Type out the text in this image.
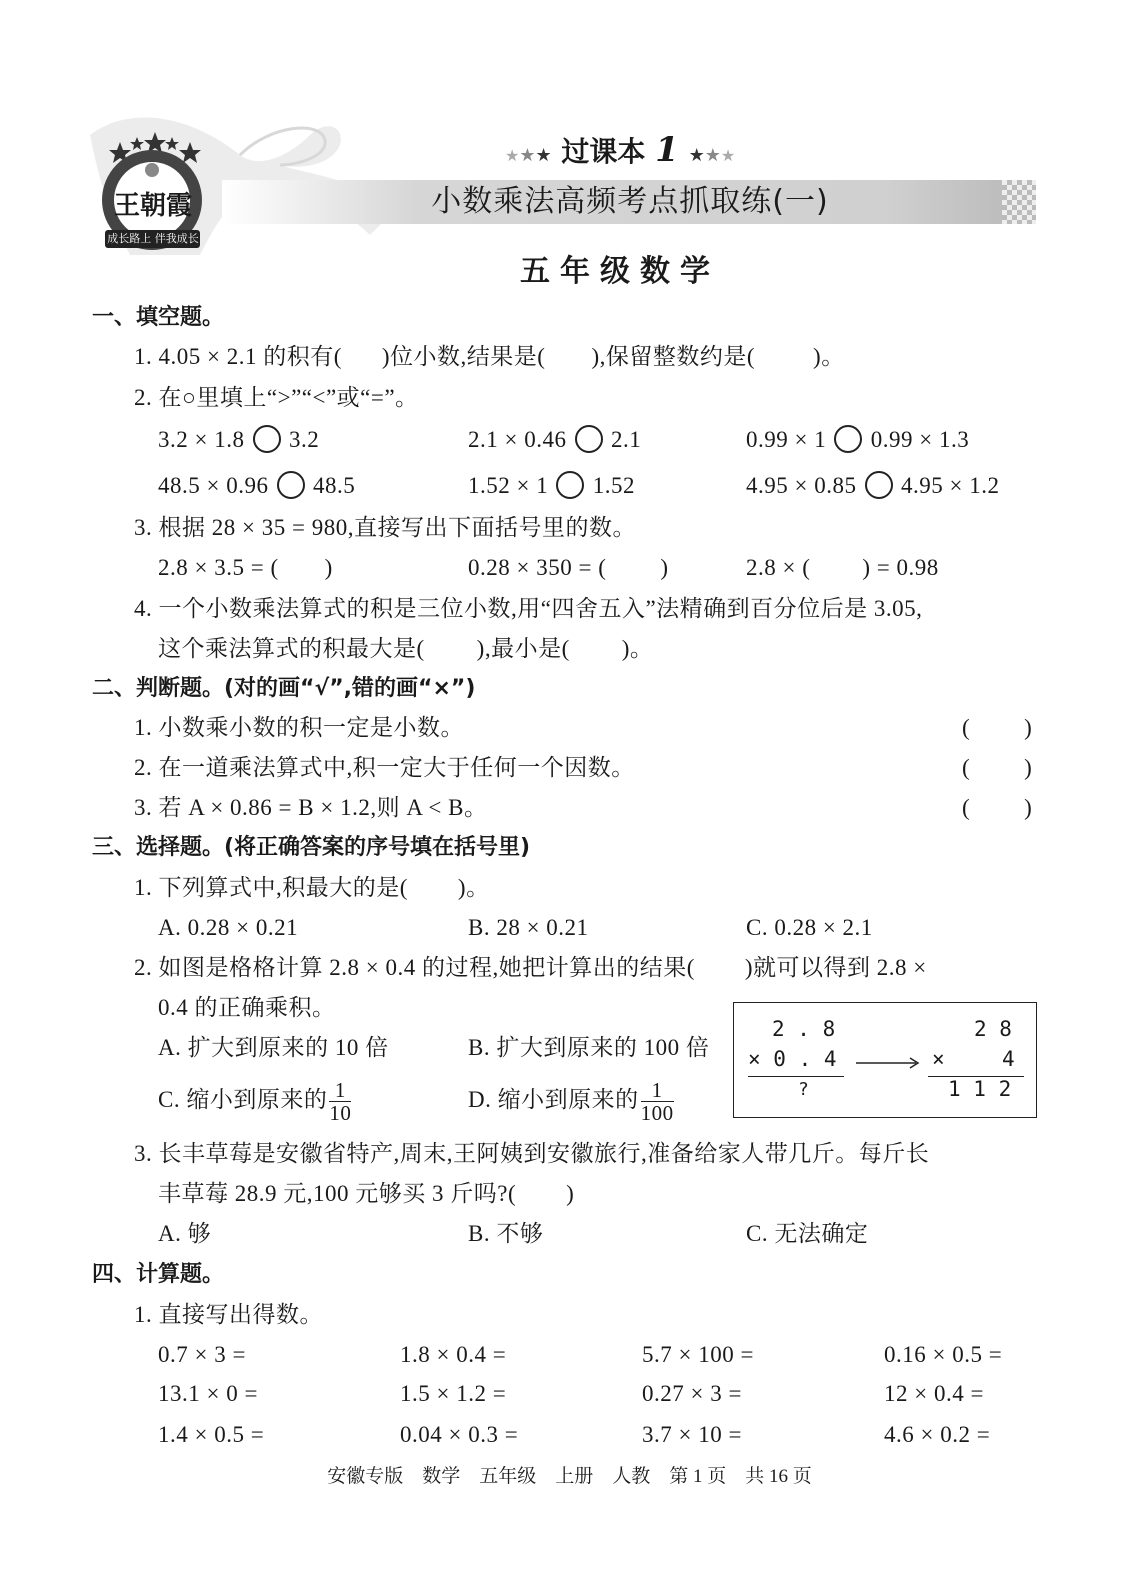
王朝霞
成长路上 伴我成长
★★★ 过课本 1 ★★★
小数乘法高频考点抓取练(一)
五年级数学
一、填空题。
1. 4.05 × 2.1 的积有( )位小数,结果是( ),保留整数约是(	)。
2. 在○里填上“>”“<”或“=”。
3.2 × 1.8 3.2	2.1 × 0.46 2.1	0.99 × 1 0.99 × 1.3
48.5 × 0.96 48.5	1.52 × 1 1.52	4.95 × 0.85 4.95 × 1.2
3. 根据 28 × 35 = 980,直接写出下面括号里的数。
2.8 × 3.5 = ( )	0.28 × 350 = ( )	2.8 × ( ) = 0.98
4. 一个小数乘法算式的积是三位小数,用“四舍五入”法精确到百分位后是 3.05,
这个乘法算式的积最大是( ),最小是( )。
二、判断题。(对的画“√”,错的画“×”)
1. 小数乘小数的积一定是小数。	( )
2. 在一道乘法算式中,积一定大于任何一个因数。	( )
3. 若 A × 0.86 = B × 1.2,则 A < B。	( )
三、选择题。(将正确答案的序号填在括号里)
1. 下列算式中,积最大的是( )。
A. 0.28 × 0.21	B. 28 × 0.21	C. 0.28 × 2.1
2. 如图是格格计算 2.8 × 0.4 的过程,她把计算出的结果( )就可以得到 2.8 ×
0.4 的正确乘积。
A. 扩大到原来的 10 倍	B. 扩大到原来的 100 倍
C. 缩小到原来的 $\frac{1}{10}$	D. 缩小到原来的 $\frac{1}{100}$
2 . 8
× 0 . 4
?
2 8
×	4
1 1 2
3. 长丰草莓是安徽省特产,周末,王阿姨到安徽旅行,准备给家人带几斤。每斤长
丰草莓 28.9 元,100 元够买 3 斤吗?( )
A. 够	B. 不够	C. 无法确定
四、计算题。
1. 直接写出得数。
0.7 × 3 =	1.8 × 0.4 =	5.7 × 100 =	0.16 × 0.5 =
13.1 × 0 =	1.5 × 1.2 =	0.27 × 3 =	12 × 0.4 =
1.4 × 0.5 =	0.04 × 0.3 =	3.7 × 10 =	4.6 × 0.2 =
安徽专版　数学　五年级　上册　人教　第 1 页　共 16 页
